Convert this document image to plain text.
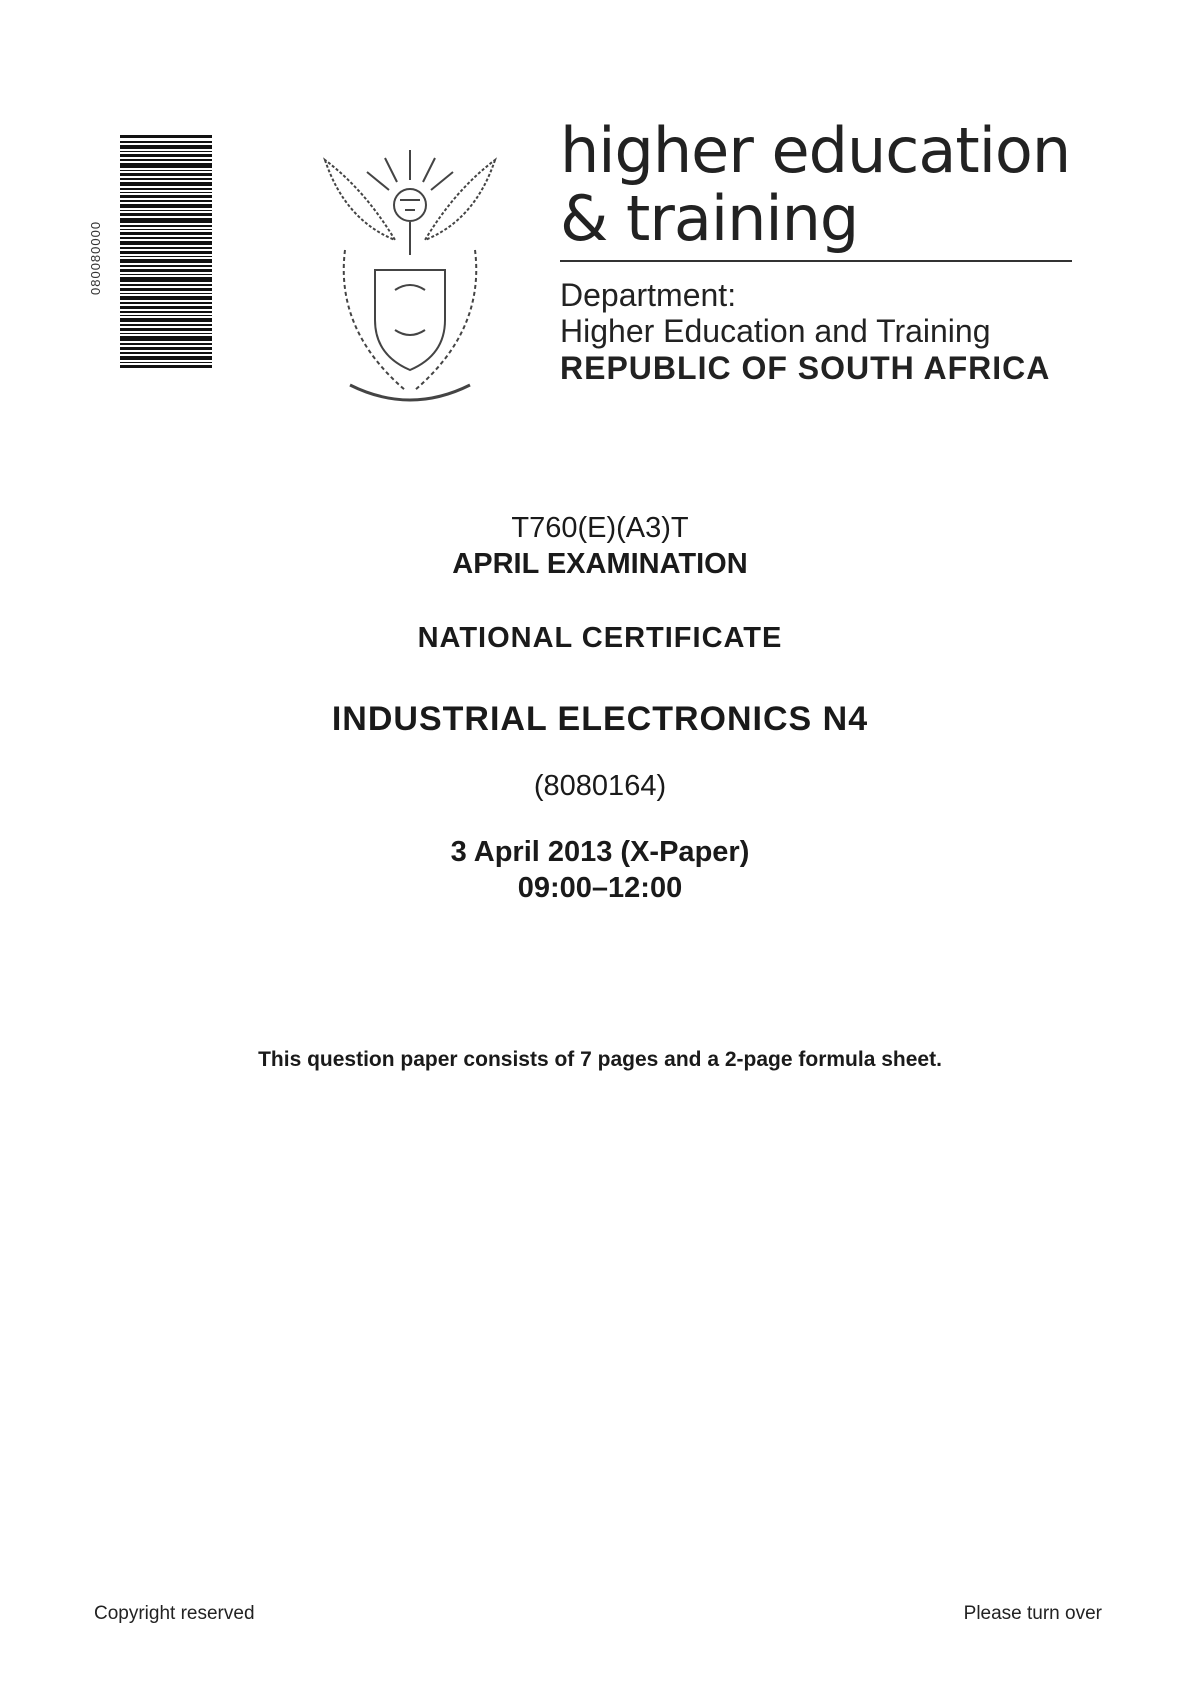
080080000
higher education
& training
Department:
Higher Education and Training
REPUBLIC OF SOUTH AFRICA
T760(E)(A3)T
APRIL EXAMINATION
NATIONAL CERTIFICATE
INDUSTRIAL ELECTRONICS N4
(8080164)
3 April 2013 (X-Paper)
09:00–12:00
This question paper consists of 7 pages and a 2-page formula sheet.
Copyright reserved	Please turn over
